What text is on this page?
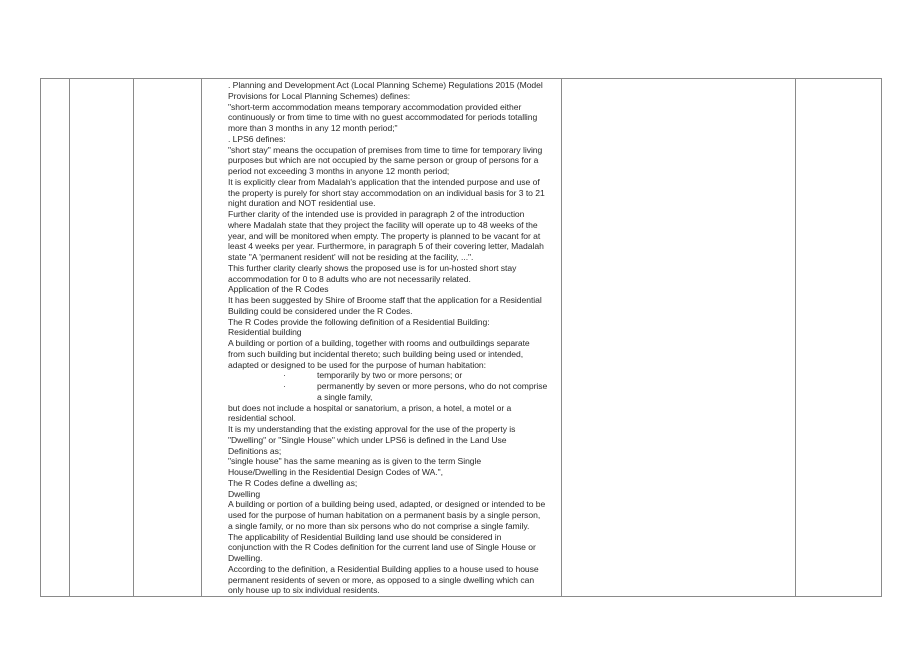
. Planning and Development Act (Local Planning Scheme) Regulations 2015 (Model
Provisions for Local Planning Schemes) defines:
"short-term accommodation means temporary accommodation provided either
continuously or from time to time with no guest accommodated for periods totalling
more than 3 months in any 12 month period;"
. LPS6 defines:
"short stay" means the occupation of premises from time to time for temporary living
purposes but which are not occupied by the same person or group of persons for a
period not exceeding 3 months in anyone 12 month period;
It is explicitly clear from Madalah's application that the intended purpose and use of
the property is purely for short stay accommodation on an individual basis for 3 to 21
night duration and NOT residential use.
Further clarity of the intended use is provided in paragraph 2 of the introduction
where Madalah state that they project the facility will operate up to 48 weeks of the
year, and will be monitored when empty. The property is planned to be vacant for at
least 4 weeks per year. Furthermore, in paragraph 5 of their covering letter, Madalah
state "A 'permanent resident' will not be residing at the facility, ...".
This further clarity clearly shows the proposed use is for un-hosted short stay
accommodation for 0 to 8 adults who are not necessarily related.
Application of the R Codes
It has been suggested by Shire of Broome staff that the application for a Residential
Building could be considered under the R Codes.
The R Codes provide the following definition of a Residential Building:
Residential building
A building or portion of a building, together with rooms and outbuildings separate
from such building but incidental thereto; such building being used or intended,
adapted or designed to be used for the purpose of human habitation:
·	temporarily by two or more persons; or
·	permanently by seven or more persons, who do not comprise
a single family,
but does not include a hospital or sanatorium, a prison, a hotel, a motel or a
residential school.
It is my understanding that the existing approval for the use of the property is
"Dwelling" or "Single House" which under LPS6 is defined in the Land Use
Definitions as;
"single house" has the same meaning as is given to the term Single
House/Dwelling in the Residential Design Codes of WA.",
The R Codes define a dwelling as;
Dwelling
A building or portion of a building being used, adapted, or designed or intended to be
used for the purpose of human habitation on a permanent basis by a single person,
a single family, or no more than six persons who do not comprise a single family.
The applicability of Residential Building land use should be considered in
conjunction with the R Codes definition for the current land use of Single House or
Dwelling.
According to the definition, a Residential Building applies to a house used to house
permanent residents of seven or more, as opposed to a single dwelling which can
only house up to six individual residents.
